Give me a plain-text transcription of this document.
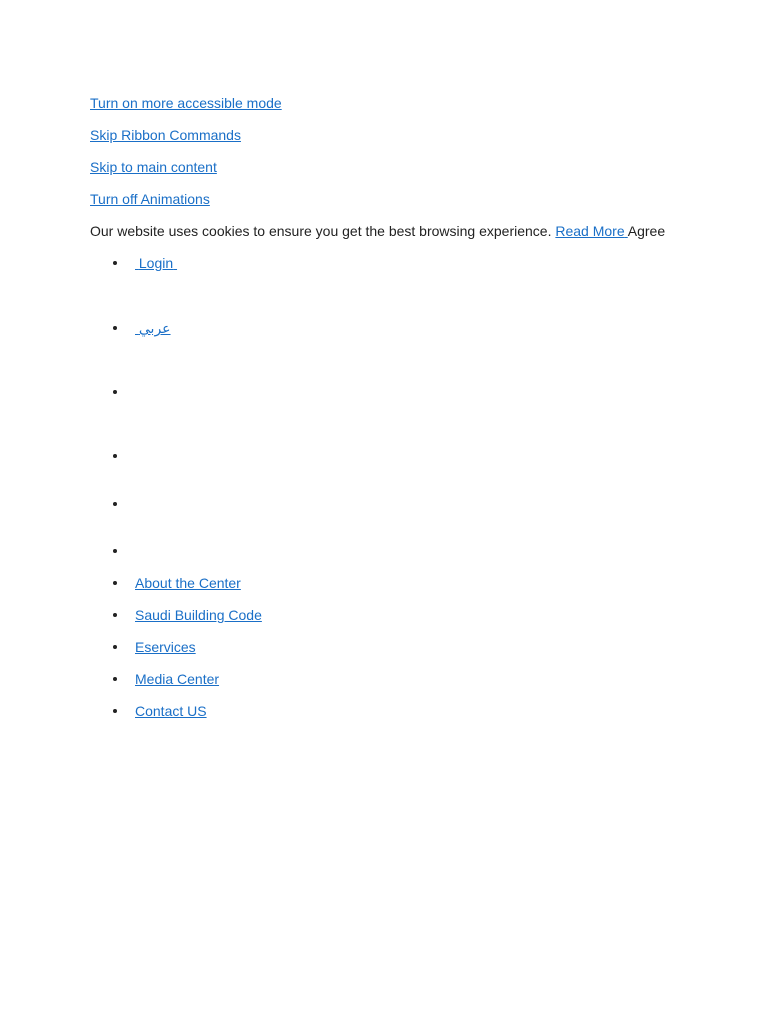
Turn on more accessible mode
Skip Ribbon Commands
Skip to main content
Turn off Animations
Our website uses cookies to ensure you get the best browsing experience. Read More Agree
Login
عربي
About the Center
Saudi Building Code
Eservices
Media Center
Contact US
